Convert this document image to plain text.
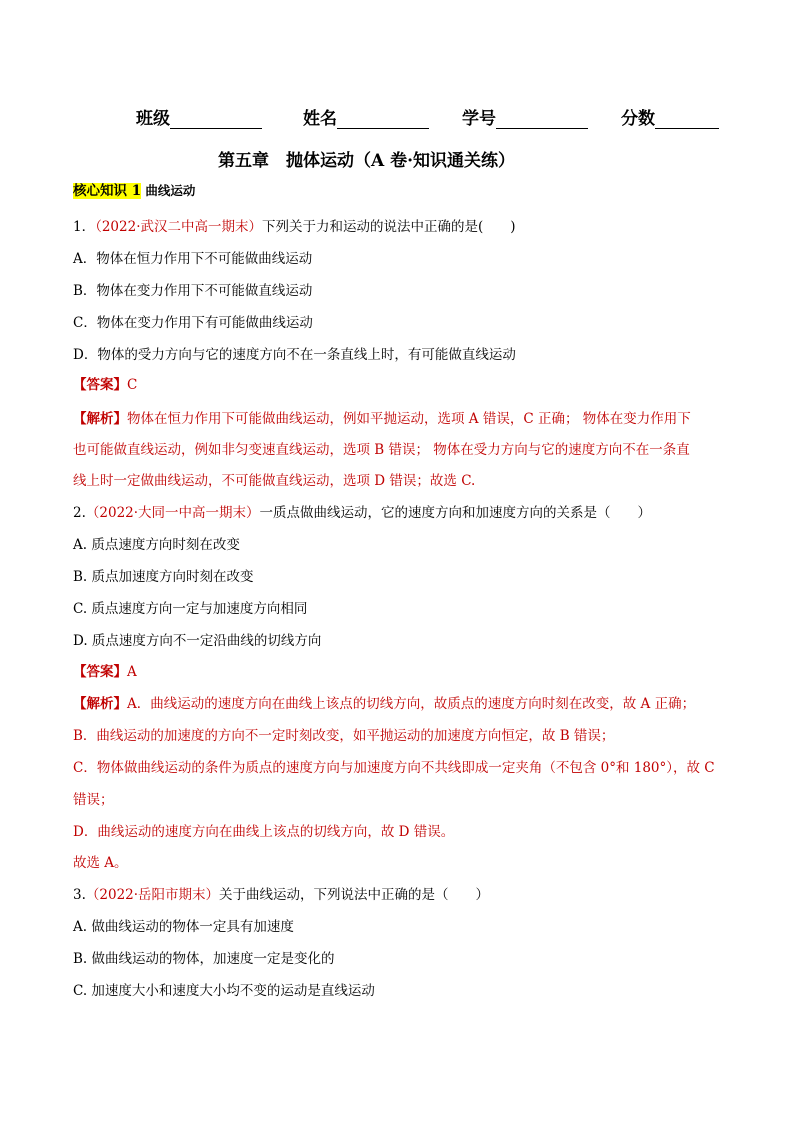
班级	姓名	学号	分数
第五章　抛体运动（A 卷·知识通关练）
核心知识 1 曲线运动
1．（2022·武汉二中高一期末）下列关于力和运动的说法中正确的是(　　)
A．物体在恒力作用下不可能做曲线运动
B．物体在变力作用下不可能做直线运动
C．物体在变力作用下有可能做曲线运动
D．物体的受力方向与它的速度方向不在一条直线上时，有可能做直线运动
【答案】C
【解析】物体在恒力作用下可能做曲线运动，例如平抛运动，选项 A 错误，C 正确； 物体在变力作用下
也可能做直线运动，例如非匀变速直线运动，选项 B 错误； 物体在受力方向与它的速度方向不在一条直
线上时一定做曲线运动，不可能做直线运动，选项 D 错误；故选 C.
2.（2022·大同一中高一期末）一质点做曲线运动，它的速度方向和加速度方向的关系是（　　）
A. 质点速度方向时刻在改变
B. 质点加速度方向时刻在改变
C. 质点速度方向一定与加速度方向相同
D. 质点速度方向不一定沿曲线的切线方向
【答案】A
【解析】A．曲线运动的速度方向在曲线上该点的切线方向，故质点的速度方向时刻在改变，故 A 正确；
B．曲线运动的加速度的方向不一定时刻改变，如平抛运动的加速度方向恒定，故 B 错误；
C．物体做曲线运动的条件为质点的速度方向与加速度方向不共线即成一定夹角（不包含 0°和 180°），故 C
错误；
D．曲线运动的速度方向在曲线上该点的切线方向，故 D 错误。
故选 A。
3.（2022·岳阳市期末）关于曲线运动，下列说法中正确的是（　　）
A. 做曲线运动的物体一定具有加速度
B. 做曲线运动的物体，加速度一定是变化的
C. 加速度大小和速度大小均不变的运动是直线运动
